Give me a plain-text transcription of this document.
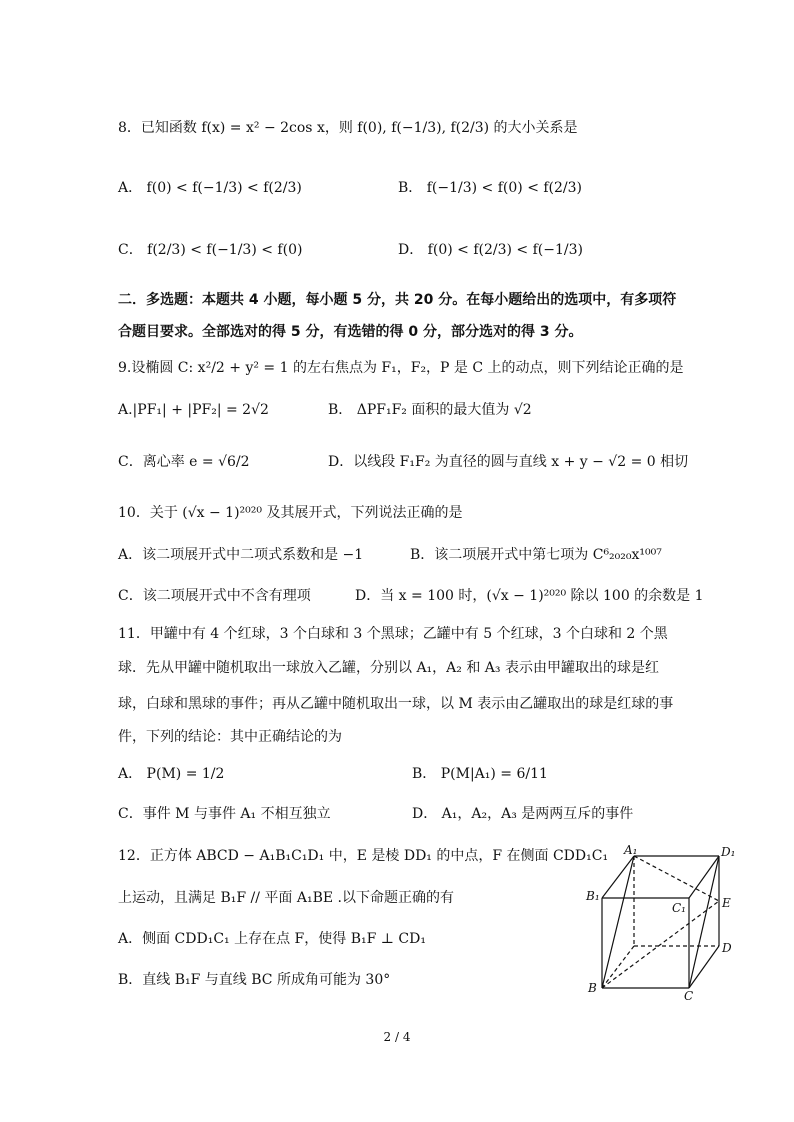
8．已知函数 f(x) = x² − 2cos x，则 f(0), f(−1/3), f(2/3) 的大小关系是
A． f(0) < f(−1/3) < f(2/3)	B． f(−1/3) < f(0) < f(2/3)
C． f(2/3) < f(−1/3) < f(0)	D． f(0) < f(2/3) < f(−1/3)
二．多选题：本题共 4 小题，每小题 5 分，共 20 分。在每小题给出的选项中，有多项符
合题目要求。全部选对的得 5 分，有选错的得 0 分，部分选对的得 3 分。
9.设椭圆 C: x²/2 + y² = 1 的左右焦点为 F₁，F₂，P 是 C 上的动点，则下列结论正确的是
A.|PF₁| + |PF₂| = 2√2	B． ΔPF₁F₂ 面积的最大值为 √2
C．离心率 e = √6/2	D．以线段 F₁F₂ 为直径的圆与直线 x + y − √2 = 0 相切
10．关于 (√x − 1)²⁰²⁰ 及其展开式，下列说法正确的是
A．该二项展开式中二项式系数和是 −1	B．该二项展开式中第七项为 C⁶₂₀₂₀x¹⁰⁰⁷
C．该二项展开式中不含有理项	D．当 x = 100 时，(√x − 1)²⁰²⁰ 除以 100 的余数是 1
11．甲罐中有 4 个红球，3 个白球和 3 个黑球；乙罐中有 5 个红球，3 个白球和 2 个黑
球．先从甲罐中随机取出一球放入乙罐，分别以 A₁，A₂ 和 A₃ 表示由甲罐取出的球是红
球，白球和黑球的事件；再从乙罐中随机取出一球，以 M 表示由乙罐取出的球是红球的事
件，下列的结论：其中正确结论的为
A． P(M) = 1/2	B． P(M|A₁) = 6/11
C．事件 M 与事件 A₁ 不相互独立	D． A₁，A₂，A₃ 是两两互斥的事件
12．正方体 ABCD − A₁B₁C₁D₁ 中，E 是棱 DD₁ 的中点，F 在侧面 CDD₁C₁
上运动，且满足 B₁F // 平面 A₁BE .以下命题正确的有
A．侧面 CDD₁C₁ 上存在点 F，使得 B₁F ⊥ CD₁
B．直线 B₁F 与直线 BC 所成角可能为 30°
A₁	D₁
B₁
C₁	E
D
B
C
2 / 4
